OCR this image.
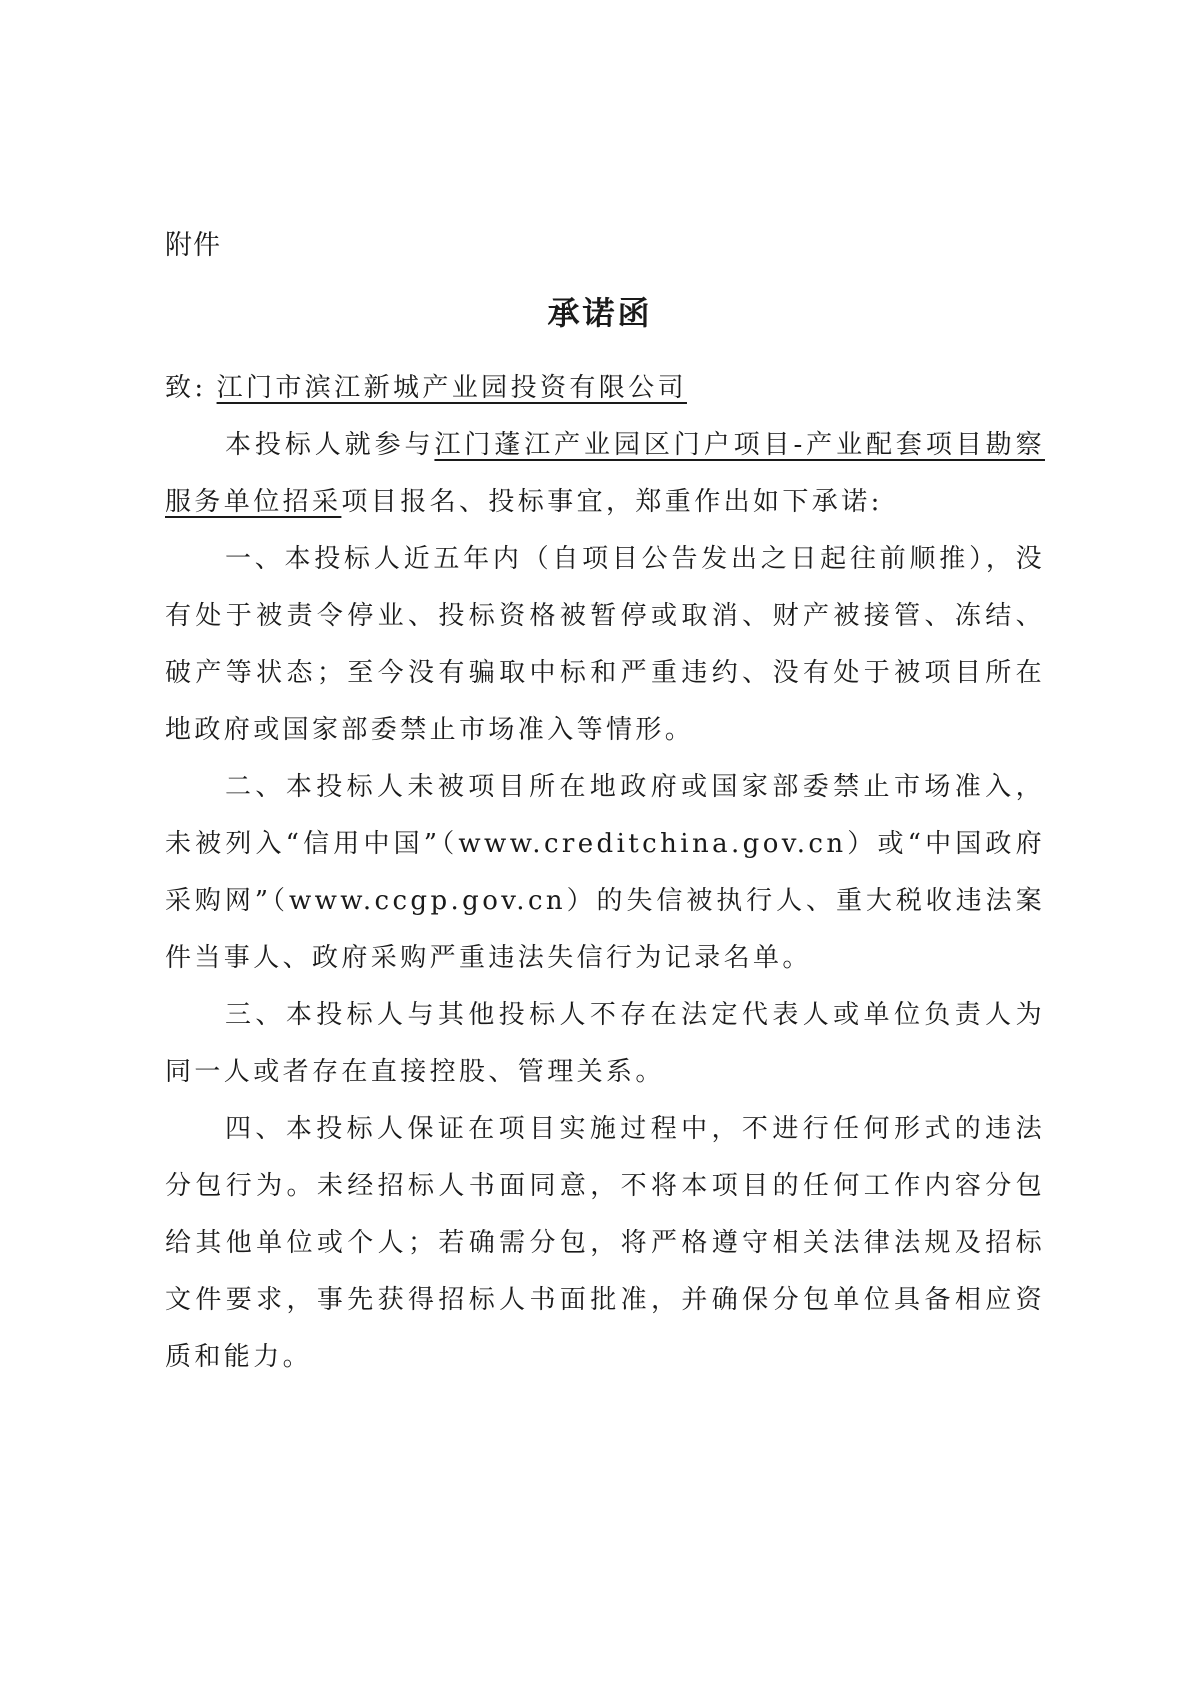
附件
承诺函

致: 江门市滨江新城产业园投资有限公司

本投标人就参与江门蓬江产业园区门户项目-产业配套项目勘察服务单位招采项目报名、投标事宜，郑重作出如下承诺:

一、本投标人近五年内（自项目公告发出之日起往前顺推），没有处于被责令停业、投标资格被暂停或取消、财产被接管、冻结、破产等状态；至今没有骗取中标和严重违约、没有处于被项目所在地政府或国家部委禁止市场准入等情形。

二、本投标人未被项目所在地政府或国家部委禁止市场准入，未被列入“信用中国”（www.creditchina.gov.cn）或“中国政府采购网”（www.ccgp.gov.cn）的失信被执行人、重大税收违法案件当事人、政府采购严重违法失信行为记录名单。

三、本投标人与其他投标人不存在法定代表人或单位负责人为同一人或者存在直接控股、管理关系。

四、本投标人保证在项目实施过程中，不进行任何形式的违法分包行为。未经招标人书面同意，不将本项目的任何工作内容分包给其他单位或个人；若确需分包，将严格遵守相关法律法规及招标文件要求，事先获得招标人书面批准，并确保分包单位具备相应资质和能力。
